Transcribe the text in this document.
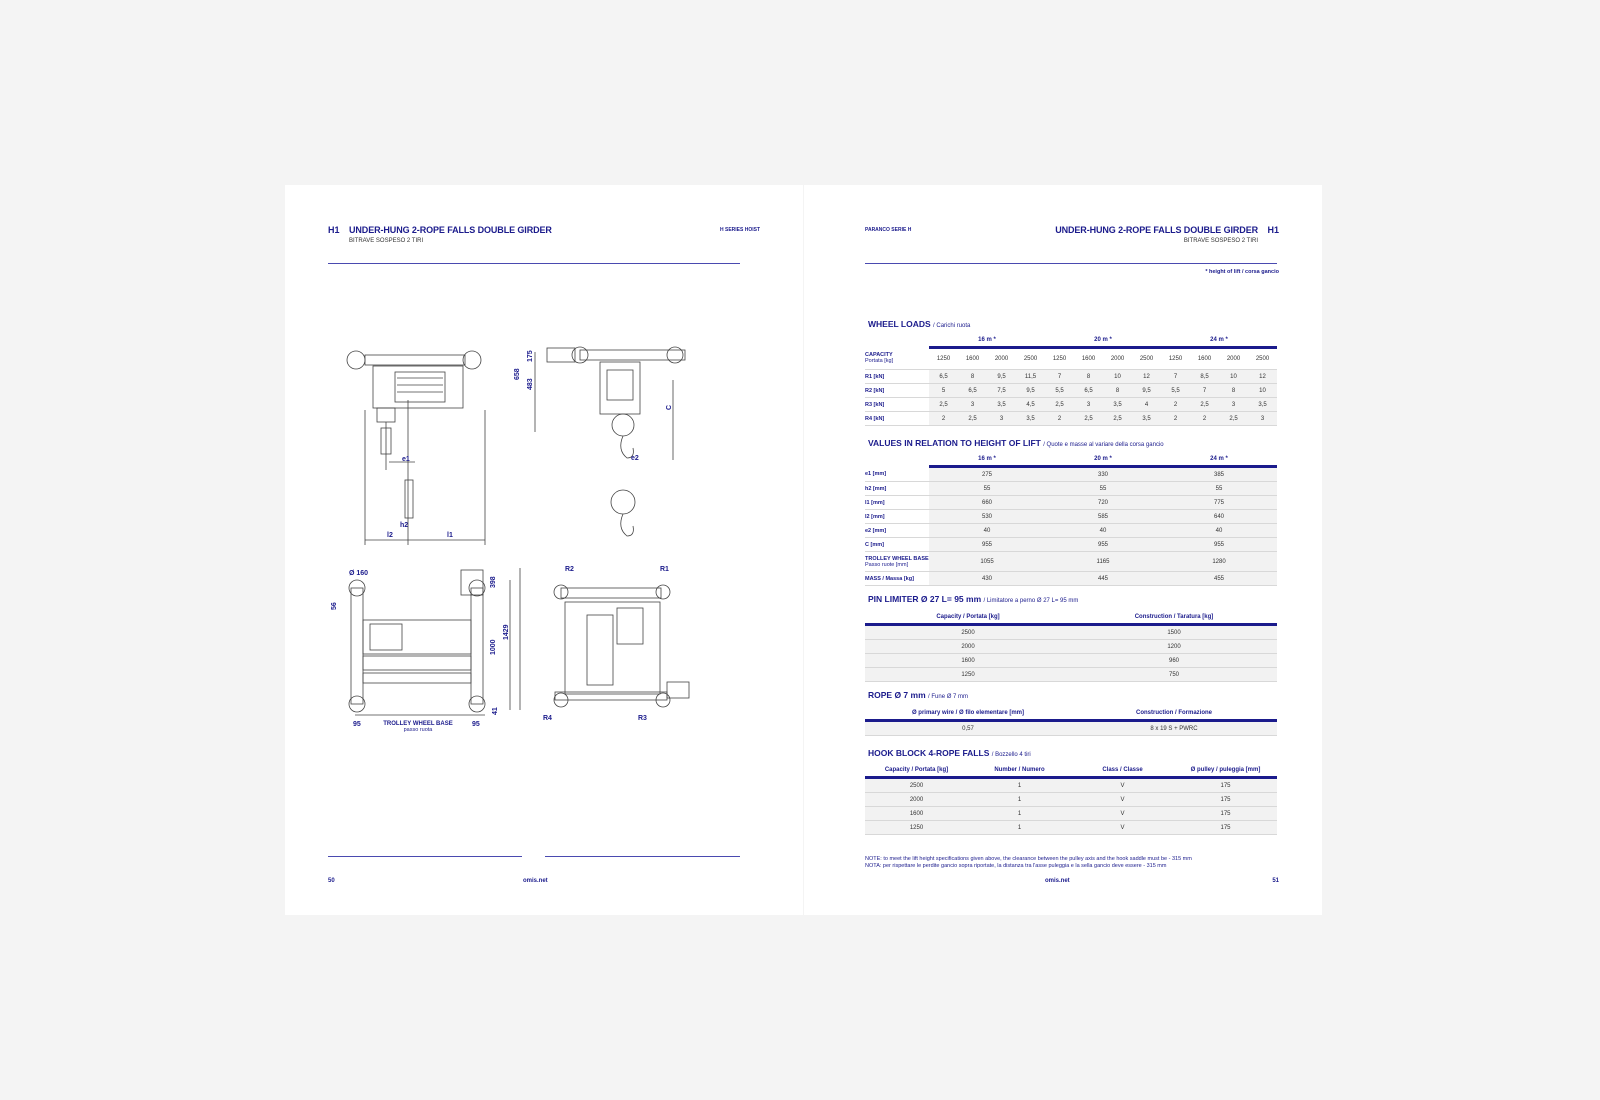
H1 UNDER-HUNG 2-ROPE FALLS DOUBLE GIRDER
BITRAVE SOSPESO 2 TIRI
H SERIES HOIST
e1
h2
l2	l1
175
483
658
C
e2
Ø 160
56
398
1429
1000
95	95
41
R2	R1
R4	R3
TROLLEY WHEEL BASE
passo ruota
50	omis.net
PARANCO SERIE H	UNDER-HUNG 2-ROPE FALLS DOUBLE GIRDER
BITRAVE SOSPESO 2 TIRI
H1
* height of lift / corsa gancio
WHEEL LOADS / Carichi ruota
	16 m *				20 m *				24 m *			

CAPACITY
Portata [kg]	1250	1600	2000	2500	1250	1600	2000	2500	1250	1600	2000	2500
R1 [kN]	6,5	8	9,5	11,5	7	8	10	12	7	8,5	10	12
R2 [kN]	5	6,5	7,5	9,5	5,5	6,5	8	9,5	5,5	7	8	10
R3 [kN]	2,5	3	3,5	4,5	2,5	3	3,5	4	2	2,5	3	3,5
R4 [kN]	2	2,5	3	3,5	2	2,5	2,5	3,5	2	2	2,5	3
VALUES IN RELATION TO HEIGHT OF LIFT / Quote e masse al variare della corsa gancio
	16 m *	20 m *	24 m *
e1 [mm]	275	330	385
h2 [mm]	55	55	55
l1 [mm]	660	720	775
l2 [mm]	530	585	640
e2 [mm]	40	40	40
C [mm]	955	955	955
TROLLEY WHEEL BASE
Passo ruote [mm]	1055	1165	1280
MASS / Massa [kg]	430	445	455
PIN LIMITER Ø 27 L= 95 mm / Limitatore a perno Ø 27 L= 95 mm
Capacity / Portata [kg]	Construction / Taratura [kg]
2500	1500
2000	1200
1600	960
1250	750
ROPE Ø 7 mm / Fune Ø 7 mm
Ø primary wire / Ø filo elementare [mm]	Construction / Formazione
0,57	8 x 19 S + PWRC
HOOK BLOCK 4-ROPE FALLS / Bozzello 4 tiri
Capacity / Portata [kg]	Number / Numero	Class / Classe	Ø pulley / puleggia [mm]
2500	1	V	175
2000	1	V	175
1600	1	V	175
1250	1	V	175
NOTE: to meet the lift height specifications given above, the clearance between the pulley axis and the hook saddle must be - 315 mm
NOTA: per rispettare le perdite gancio sopra riportate, la distanza tra l'asse puleggia e la sella gancio deve essere - 315 mm
omis.net	51
